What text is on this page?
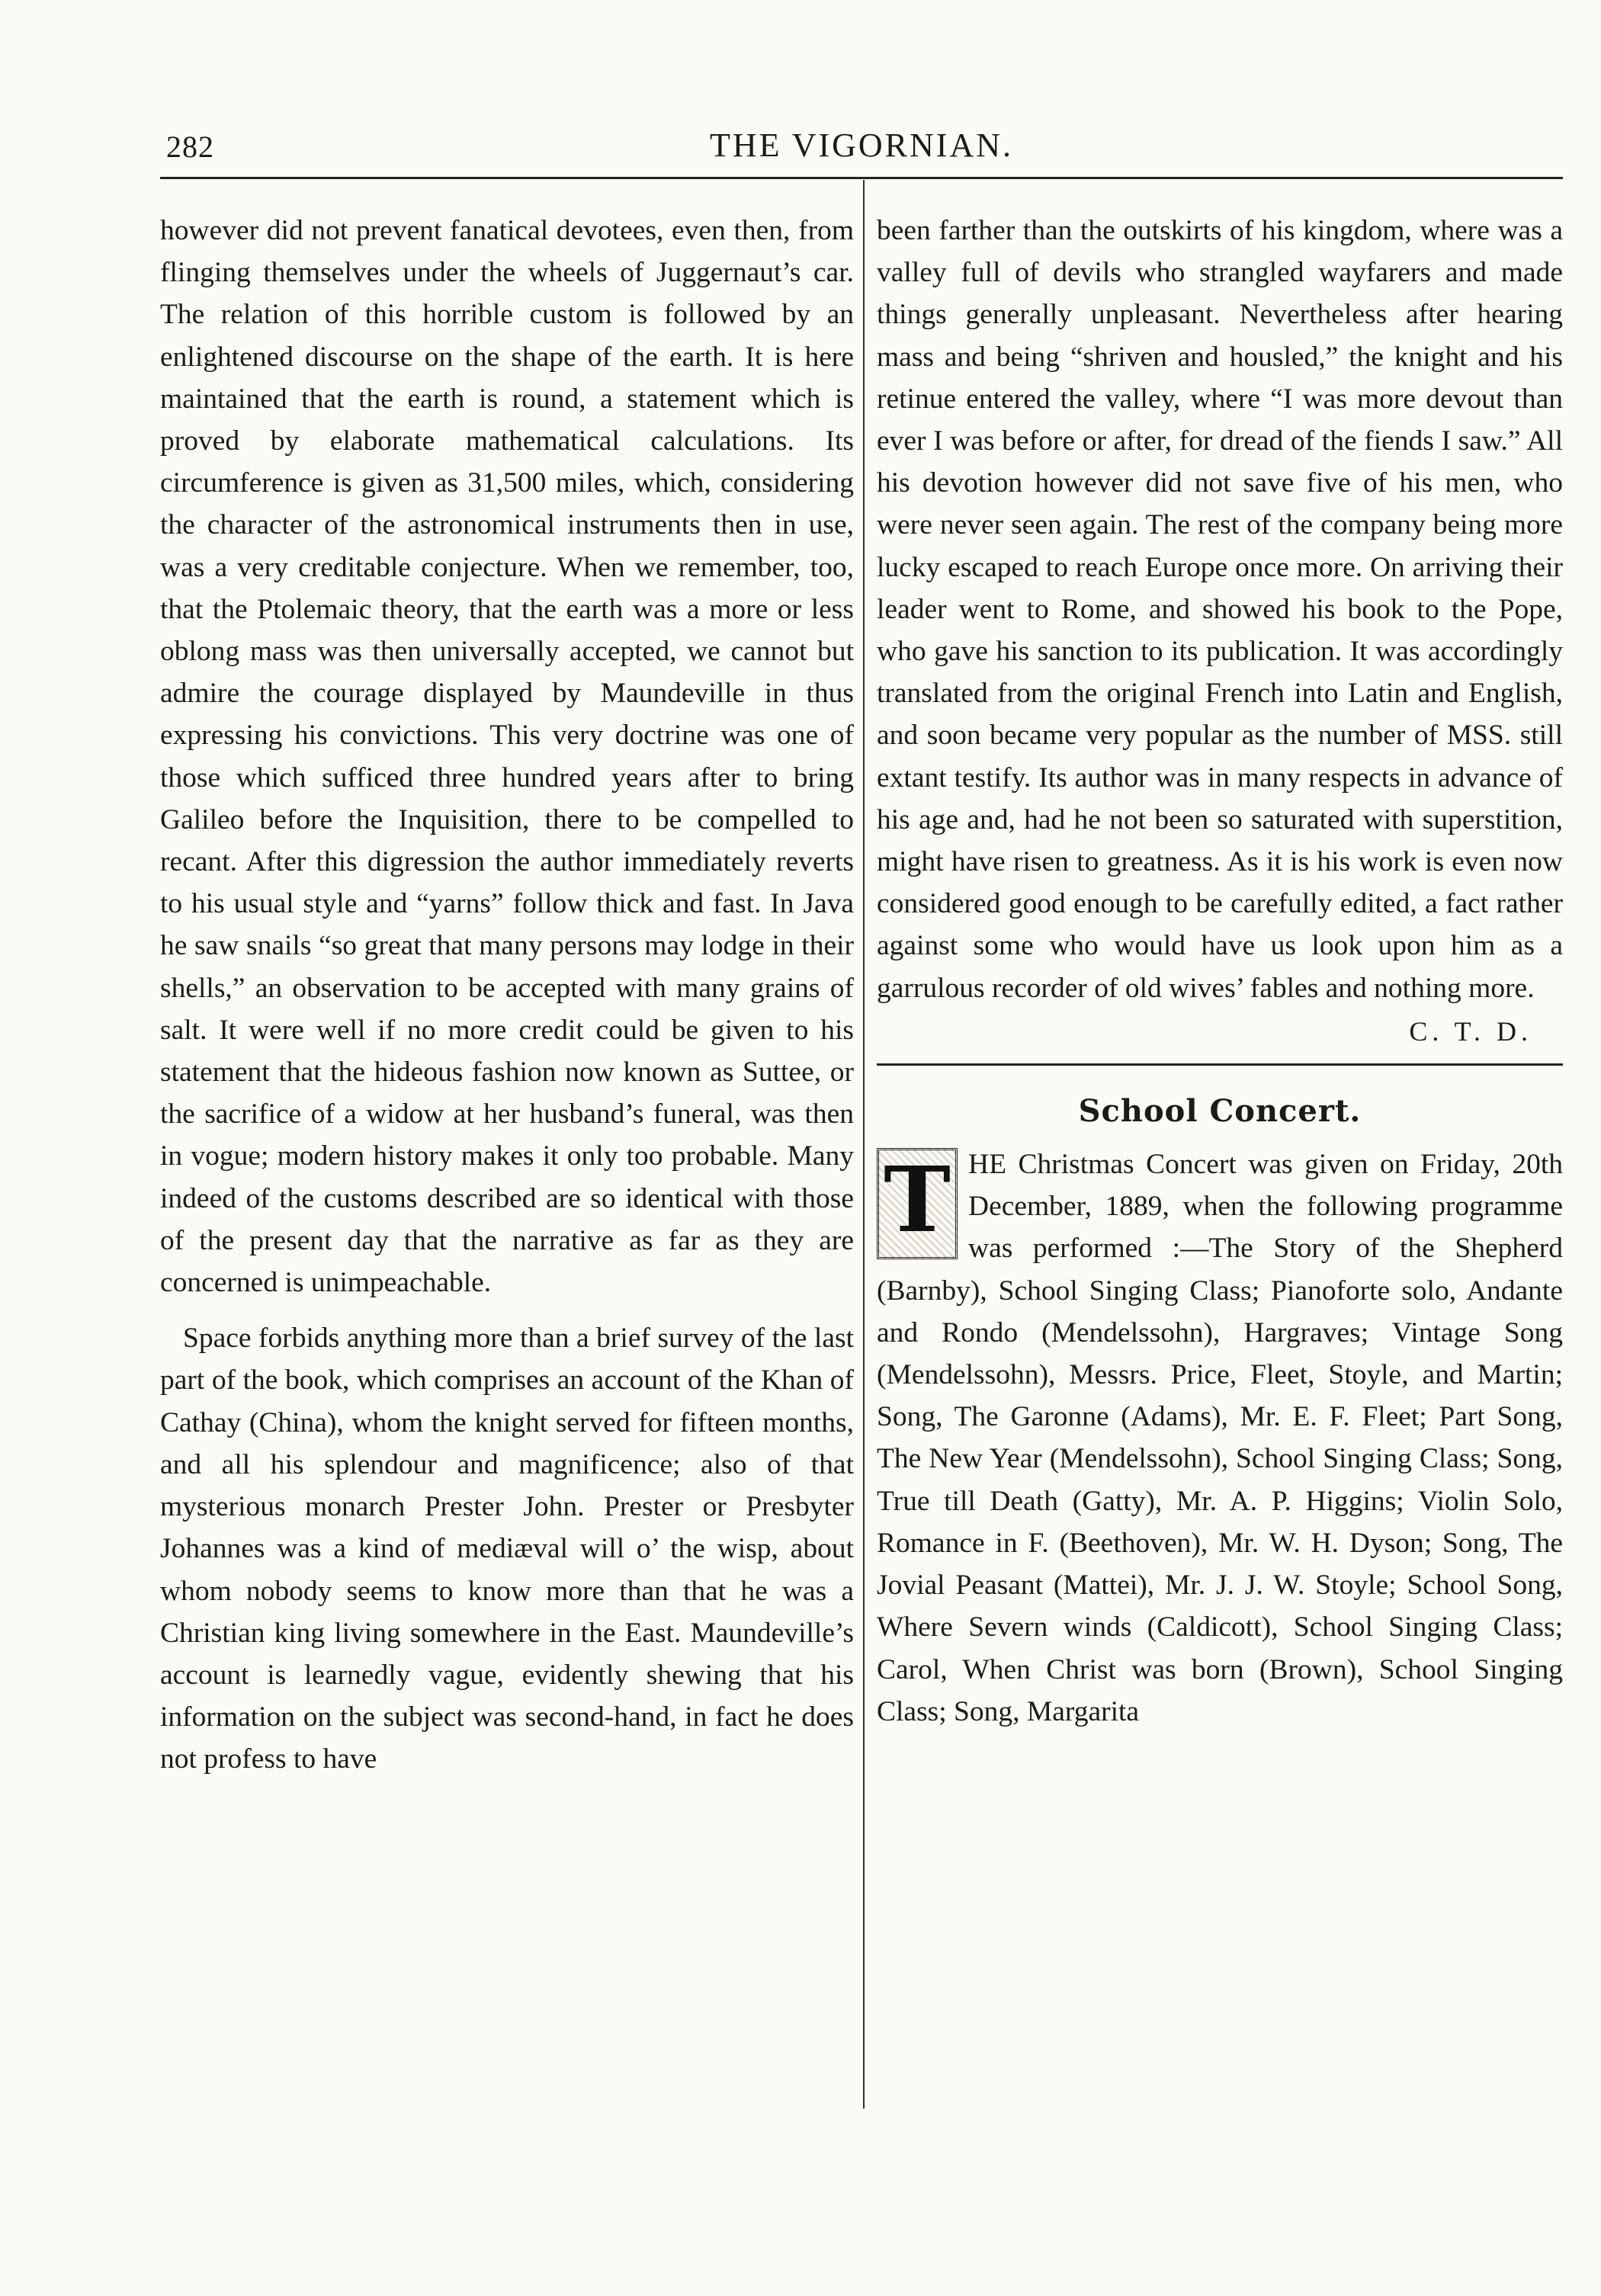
282	THE VIGORNIAN.

however did not prevent fanatical devotees, even then, from flinging themselves under the wheels of Juggernaut’s car. The relation of this horrible custom is followed by an enlightened discourse on the shape of the earth. It is here maintained that the earth is round, a statement which is proved by elaborate mathematical calculations. Its circumference is given as 31,500 miles, which, considering the character of the astronomical instruments then in use, was a very creditable conjecture. When we remember, too, that the Ptolemaic theory, that the earth was a more or less oblong mass was then universally accepted, we cannot but admire the courage displayed by Maundeville in thus expressing his convictions. This very doctrine was one of those which sufficed three hundred years after to bring Galileo before the Inquisition, there to be compelled to recant. After this digression the author immediately reverts to his usual style and “yarns” follow thick and fast. In Java he saw snails “so great that many persons may lodge in their shells,” an observation to be accepted with many grains of salt. It were well if no more credit could be given to his statement that the hideous fashion now known as Suttee, or the sacrifice of a widow at her husband’s funeral, was then in vogue; modern history makes it only too probable. Many indeed of the customs described are so identical with those of the present day that the narrative as far as they are concerned is unimpeachable.

Space forbids anything more than a brief survey of the last part of the book, which comprises an account of the Khan of Cathay (China), whom the knight served for fifteen months, and all his splendour and magnificence; also of that mysterious monarch Prester John. Prester or Presbyter Johannes was a kind of mediæval will o’ the wisp, about whom nobody seems to know more than that he was a Christian king living somewhere in the East. Maundeville’s account is learnedly vague, evidently shewing that his information on the subject was second-hand, in fact he does not profess to have

been farther than the outskirts of his kingdom, where was a valley full of devils who strangled wayfarers and made things generally unpleasant. Nevertheless after hearing mass and being “shriven and housled,” the knight and his retinue entered the valley, where “I was more devout than ever I was before or after, for dread of the fiends I saw.” All his devotion however did not save five of his men, who were never seen again. The rest of the company being more lucky escaped to reach Europe once more. On arriving their leader went to Rome, and showed his book to the Pope, who gave his sanction to its publication. It was accordingly translated from the original French into Latin and English, and soon became very popular as the number of MSS. still extant testify. Its author was in many respects in advance of his age and, had he not been so saturated with superstition, might have risen to greatness. As it is his work is even now considered good enough to be carefully edited, a fact rather against some who would have us look upon him as a garrulous recorder of old wives’ fables and nothing more.

C. T. D.
School Concert.
T HE Christmas Concert was given on Friday, 20th December, 1889, when the following programme was performed :—The Story of the Shepherd (Barnby), School Singing Class; Pianoforte solo, Andante and Rondo (Mendelssohn), Hargraves; Vintage Song (Mendelssohn), Messrs. Price, Fleet, Stoyle, and Martin; Song, The Garonne (Adams), Mr. E. F. Fleet; Part Song, The New Year (Mendelssohn), School Singing Class; Song, True till Death (Gatty), Mr. A. P. Higgins; Violin Solo, Romance in F. (Beethoven), Mr. W. H. Dyson; Song, The Jovial Peasant (Mattei), Mr. J. J. W. Stoyle; School Song, Where Severn winds (Caldicott), School Singing Class; Carol, When Christ was born (Brown), School Singing Class; Song, Margarita
